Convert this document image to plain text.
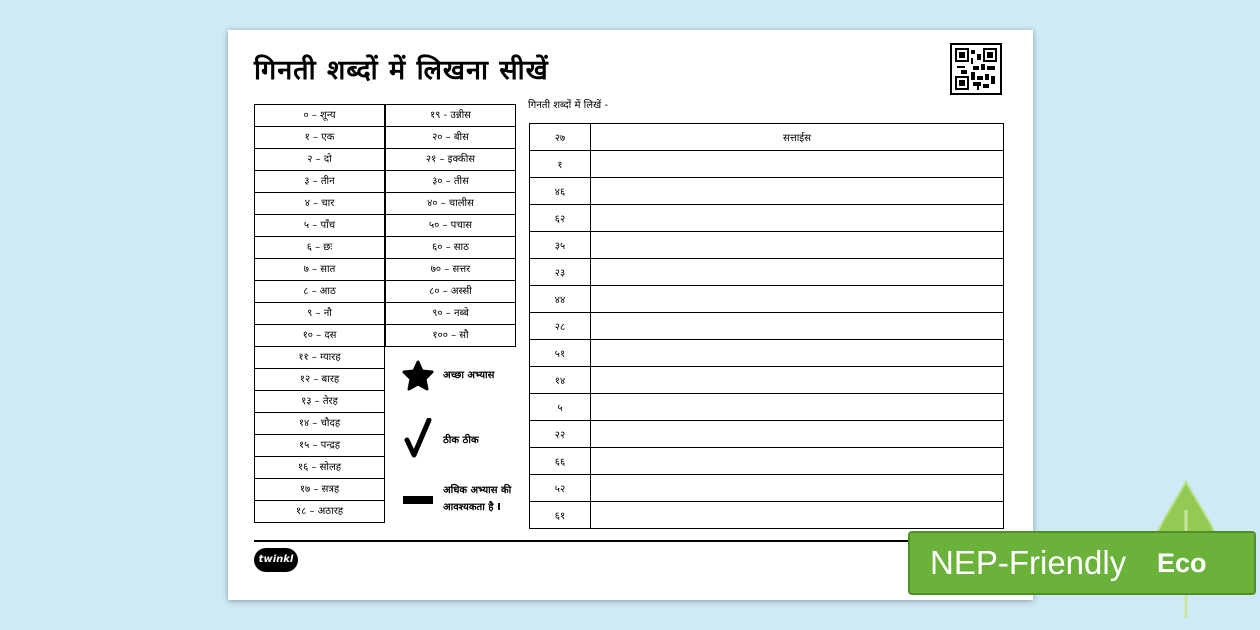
गिनती शब्दों में लिखना सीखें
० – शून्य
१ – एक
२ – दो
३ – तीन
४ – चार
५ – पाँच
६ – छः
७ – सात
८ – आठ
९ – नौ
१० – दस
११ – ग्यारह
१२ – बारह
१३ – तेरह
१४ – चौदह
१५ – पन्द्रह
१६ – सोलह
१७ – सत्रह
१८ – अठारह
१९ - उन्नीस
२० – बीस
२१ – इक्कीस
३० – तीस
४० – चालीस
५० – पचास
६० – साठ
७० – सत्तर
८० – अस्सी
९० – नब्बे
१०० – सौ
अच्छा अभ्यास
ठीक ठीक
अधिक अभ्यास की
आवश्यकता है I
गिनती शब्दों में लिखें -
२७	सत्ताईस
१	
४६	
६२	
३५	
२३	
४४	
२८	
५१	
१४	
५	
२२	
६६	
५२	
६१	
twinkl	NEP-Friendly Eco
